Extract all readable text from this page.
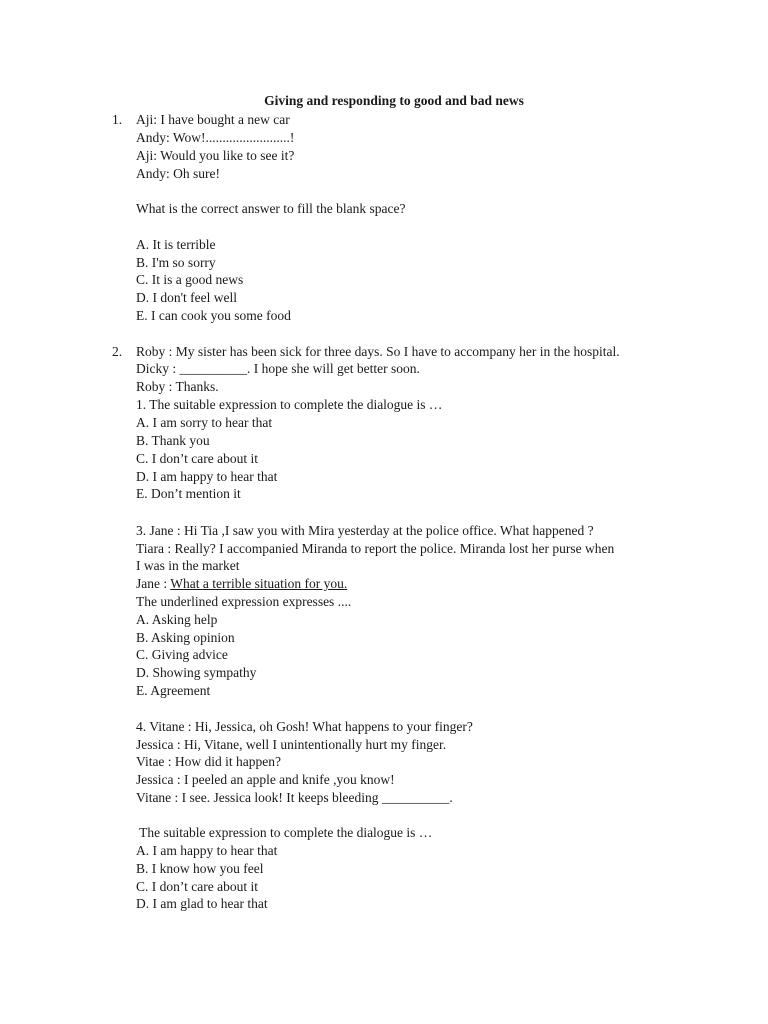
Giving and responding to good and bad news
1. Aji: I have bought a new car
Andy: Wow!.........................!
Aji: Would you like to see it?
Andy: Oh sure!
What is the correct answer to fill the blank space?
A. It is terrible
B. I'm so sorry
C. It is a good news
D. I don't feel well
E. I can cook you some food
2. Roby : My sister has been sick for three days. So I have to accompany her in the hospital.
Dicky : __________. I hope she will get better soon.
Roby : Thanks.
1. The suitable expression to complete the dialogue is …
A. I am sorry to hear that
B. Thank you
C. I don’t care about it
D. I am happy to hear that
E. Don’t mention it
3. Jane : Hi Tia ,I saw you with Mira yesterday at the police office. What happened ?
Tiara : Really? I accompanied Miranda to report the police. Miranda lost her purse when
I was in the market
Jane : What a terrible situation for you.
The underlined expression expresses ....
A. Asking help
B. Asking opinion
C. Giving advice
D. Showing sympathy
E. Agreement
4. Vitane : Hi, Jessica, oh Gosh! What happens to your finger?
Jessica : Hi, Vitane, well I unintentionally hurt my finger.
Vitae : How did it happen?
Jessica : I peeled an apple and knife ,you know!
Vitane : I see. Jessica look! It keeps bleeding __________.
The suitable expression to complete the dialogue is …
A. I am happy to hear that
B. I know how you feel
C. I don’t care about it
D. I am glad to hear that
